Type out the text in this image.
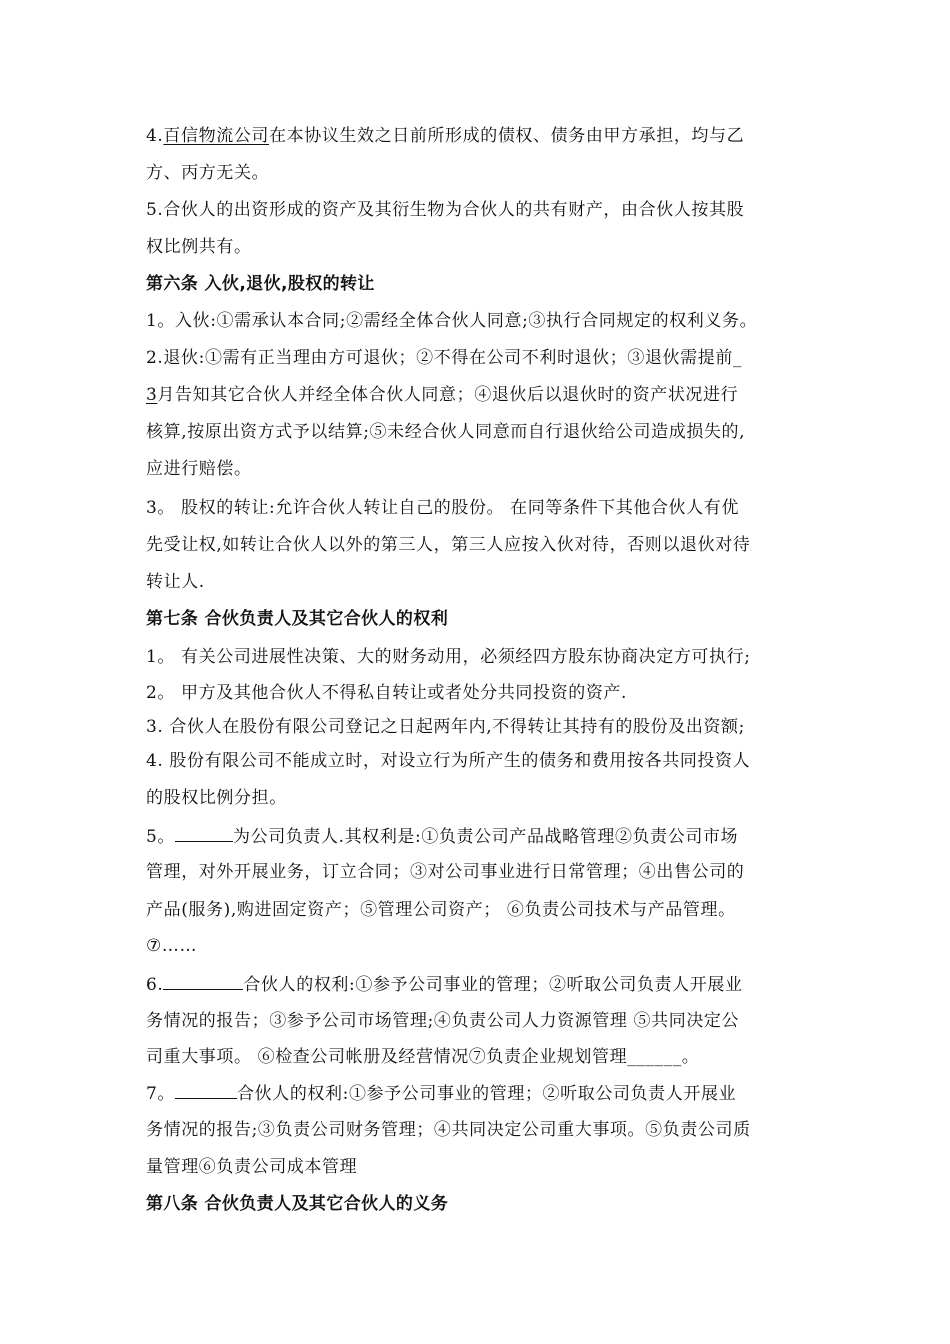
4.百信物流公司在本协议生效之日前所形成的债权、债务由甲方承担，均与乙
方、丙方无关。
5.合伙人的出资形成的资产及其衍生物为合伙人的共有财产，由合伙人按其股
权比例共有。
第六条 入伙,退伙,股权的转让
1。入伙:①需承认本合同;②需经全体合伙人同意;③执行合同规定的权利义务。
2.退伙:①需有正当理由方可退伙；②不得在公司不利时退伙；③退伙需提前_
3月告知其它合伙人并经全体合伙人同意；④退伙后以退伙时的资产状况进行
核算,按原出资方式予以结算;⑤未经合伙人同意而自行退伙给公司造成损失的,
应进行赔偿。
3。 股权的转让:允许合伙人转让自己的股份。 在同等条件下其他合伙人有优
先受让权,如转让合伙人以外的第三人，第三人应按入伙对待，否则以退伙对待
转让人.
第七条 合伙负责人及其它合伙人的权利
1。 有关公司进展性决策、大的财务动用，必须经四方股东协商决定方可执行;
2。 甲方及其他合伙人不得私自转让或者处分共同投资的资产.
3. 合伙人在股份有限公司登记之日起两年内,不得转让其持有的股份及出资额;
4. 股份有限公司不能成立时，对设立行为所产生的债务和费用按各共同投资人
的股权比例分担。
5。	为公司负责人.其权利是:①负责公司产品战略管理②负责公司市场
管理，对外开展业务，订立合同；③对公司事业进行日常管理；④出售公司的
产品(服务),购进固定资产；⑤管理公司资产； ⑥负责公司技术与产品管理。
⑦……
6.	合伙人的权利:①参予公司事业的管理；②听取公司负责人开展业
务情况的报告；③参予公司市场管理;④负责公司人力资源管理 ⑤共同决定公
司重大事项。 ⑥检查公司帐册及经营情况⑦负责企业规划管理______。
7。	合伙人的权利:①参予公司事业的管理；②听取公司负责人开展业
务情况的报告;③负责公司财务管理；④共同决定公司重大事项。⑤负责公司质
量管理⑥负责公司成本管理
第八条 合伙负责人及其它合伙人的义务
